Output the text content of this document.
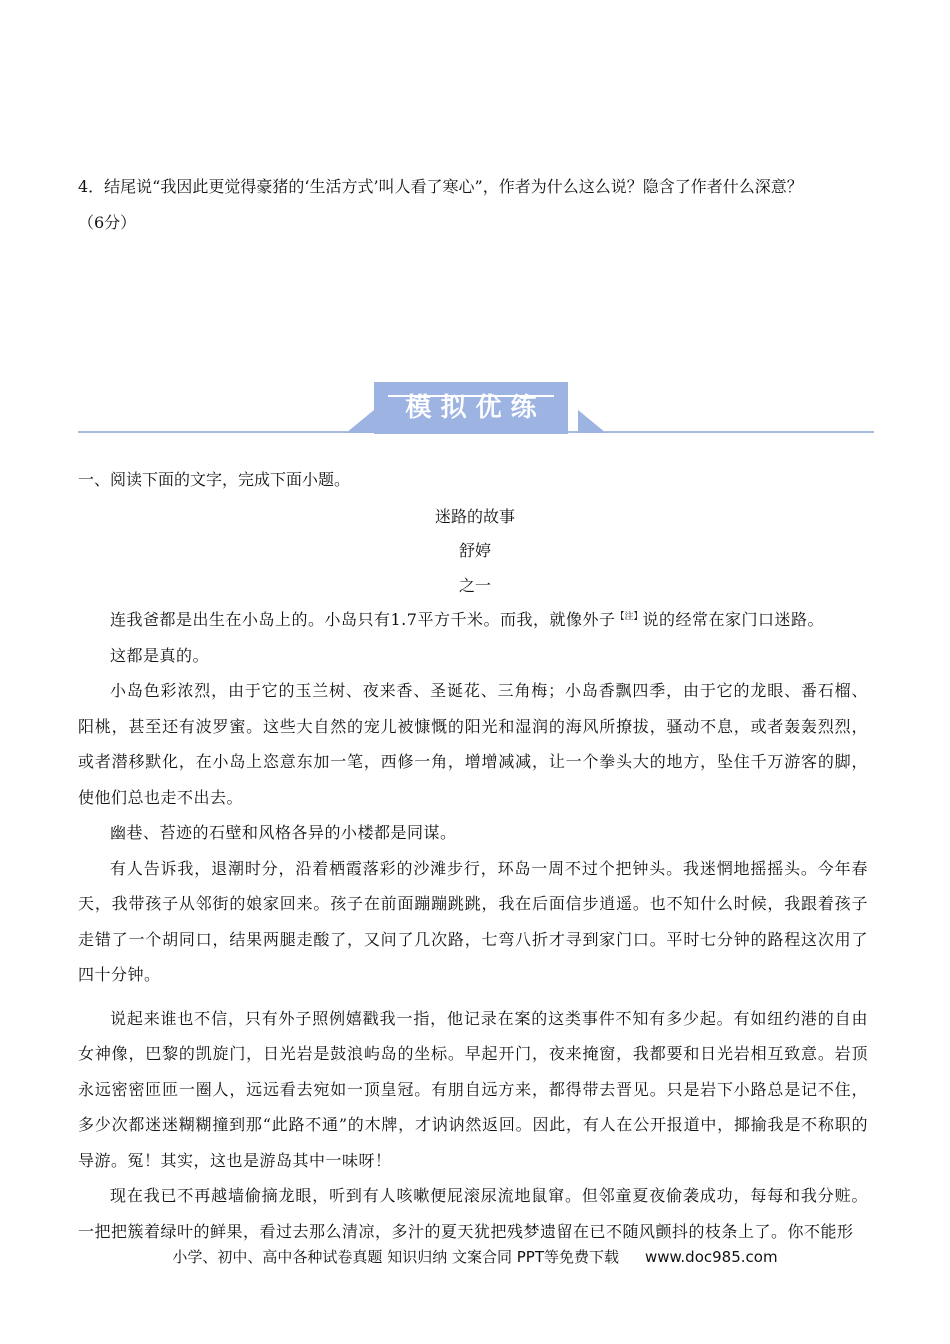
4．结尾说“我因此更觉得豪猪的‘生活方式’叫人看了寒心”，作者为什么这么说？隐含了作者什么深意？

（6分）

模 拟 优 练

一、阅读下面的文字，完成下面小题。

迷路的故事

舒婷

之一

连我爸都是出生在小岛上的。小岛只有1.7平方千米。而我，就像外子$^{【注】}$说的经常在家门口迷路。

这都是真的。

小岛色彩浓烈，由于它的玉兰树、夜来香、圣诞花、三角梅；小岛香飘四季，由于它的龙眼、番石榴、阳桃，甚至还有波罗蜜。这些大自然的宠儿被慷慨的阳光和湿润的海风所撩拔，骚动不息，或者轰轰烈烈，或者潜移默化，在小岛上恣意东加一笔，西修一角，增增减减，让一个拳头大的地方，坠住千万游客的脚，使他们总也走不出去。

幽巷、苔迹的石壁和风格各异的小楼都是同谋。

有人告诉我，退潮时分，沿着栖霞落彩的沙滩步行，环岛一周不过个把钟头。我迷惘地摇摇头。今年春天，我带孩子从邻街的娘家回来。孩子在前面蹦蹦跳跳，我在后面信步逍遥。也不知什么时候，我跟着孩子走错了一个胡同口，结果两腿走酸了，又问了几次路，七弯八折才寻到家门口。平时七分钟的路程这次用了四十分钟。

说起来谁也不信，只有外子照例嬉戳我一指，他记录在案的这类事件不知有多少起。有如纽约港的自由女神像，巴黎的凯旋门，日光岩是鼓浪屿岛的坐标。早起开门，夜来掩窗，我都要和日光岩相互致意。岩顶永远密密匝匝一圈人，远远看去宛如一顶皇冠。有朋自远方来，都得带去晋见。只是岩下小路总是记不住，多少次都迷迷糊糊撞到那“此路不通”的木牌，才讷讷然返回。因此，有人在公开报道中，揶揄我是不称职的导游。冤！其实，这也是游岛其中一味呀！

现在我已不再越墙偷摘龙眼，听到有人咳嗽便屁滚尿流地鼠窜。但邻童夏夜偷袭成功，每每和我分赃。一把把簇着绿叶的鲜果，看过去那么清凉，多汁的夏天犹把残梦遗留在已不随风颤抖的枝条上了。你不能形

小学、初中、高中各种试卷真题 知识归纳 文案合同 PPT等免费下载 www.doc985.com
